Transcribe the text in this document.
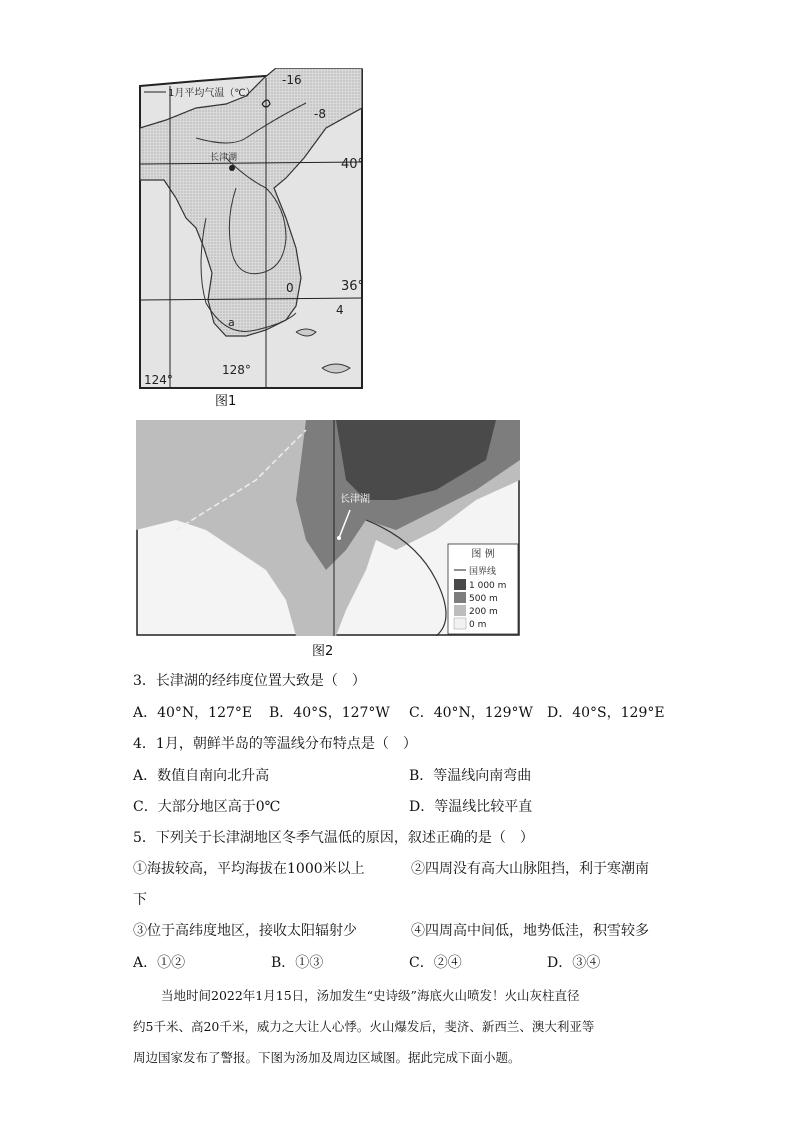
1月平均气温（℃）
-16
-8
0
4
长津湖	40°
36°
124°
128°
a
图1
长津湖
图 例
国界线
1 000 m
500 m
200 m
0 m
图2
3．长津湖的经纬度位置大致是（　）
A．40°N，127°E B．40°S，127°W C．40°N，129°W D．40°S，129°E
4．1月，朝鲜半岛的等温线分布特点是（　）
A．数值自南向北升高	B．等温线向南弯曲
C．大部分地区高于0℃	D．等温线比较平直
5．下列关于长津湖地区冬季气温低的原因，叙述正确的是（　）
①海拔较高，平均海拔在1000米以上	②四周没有高大山脉阻挡，利于寒潮南
下
③位于高纬度地区，接收太阳辐射少	④四周高中间低，地势低洼，积雪较多
A．①②	B．①③	C．②④	D．③④
当地时间2022年1月15日，汤加发生“史诗级”海底火山喷发！火山灰柱直径
约5千米、高20千米，威力之大让人心悸。火山爆发后，斐济、新西兰、澳大利亚等
周边国家发布了警报。下图为汤加及周边区域图。据此完成下面小题。
